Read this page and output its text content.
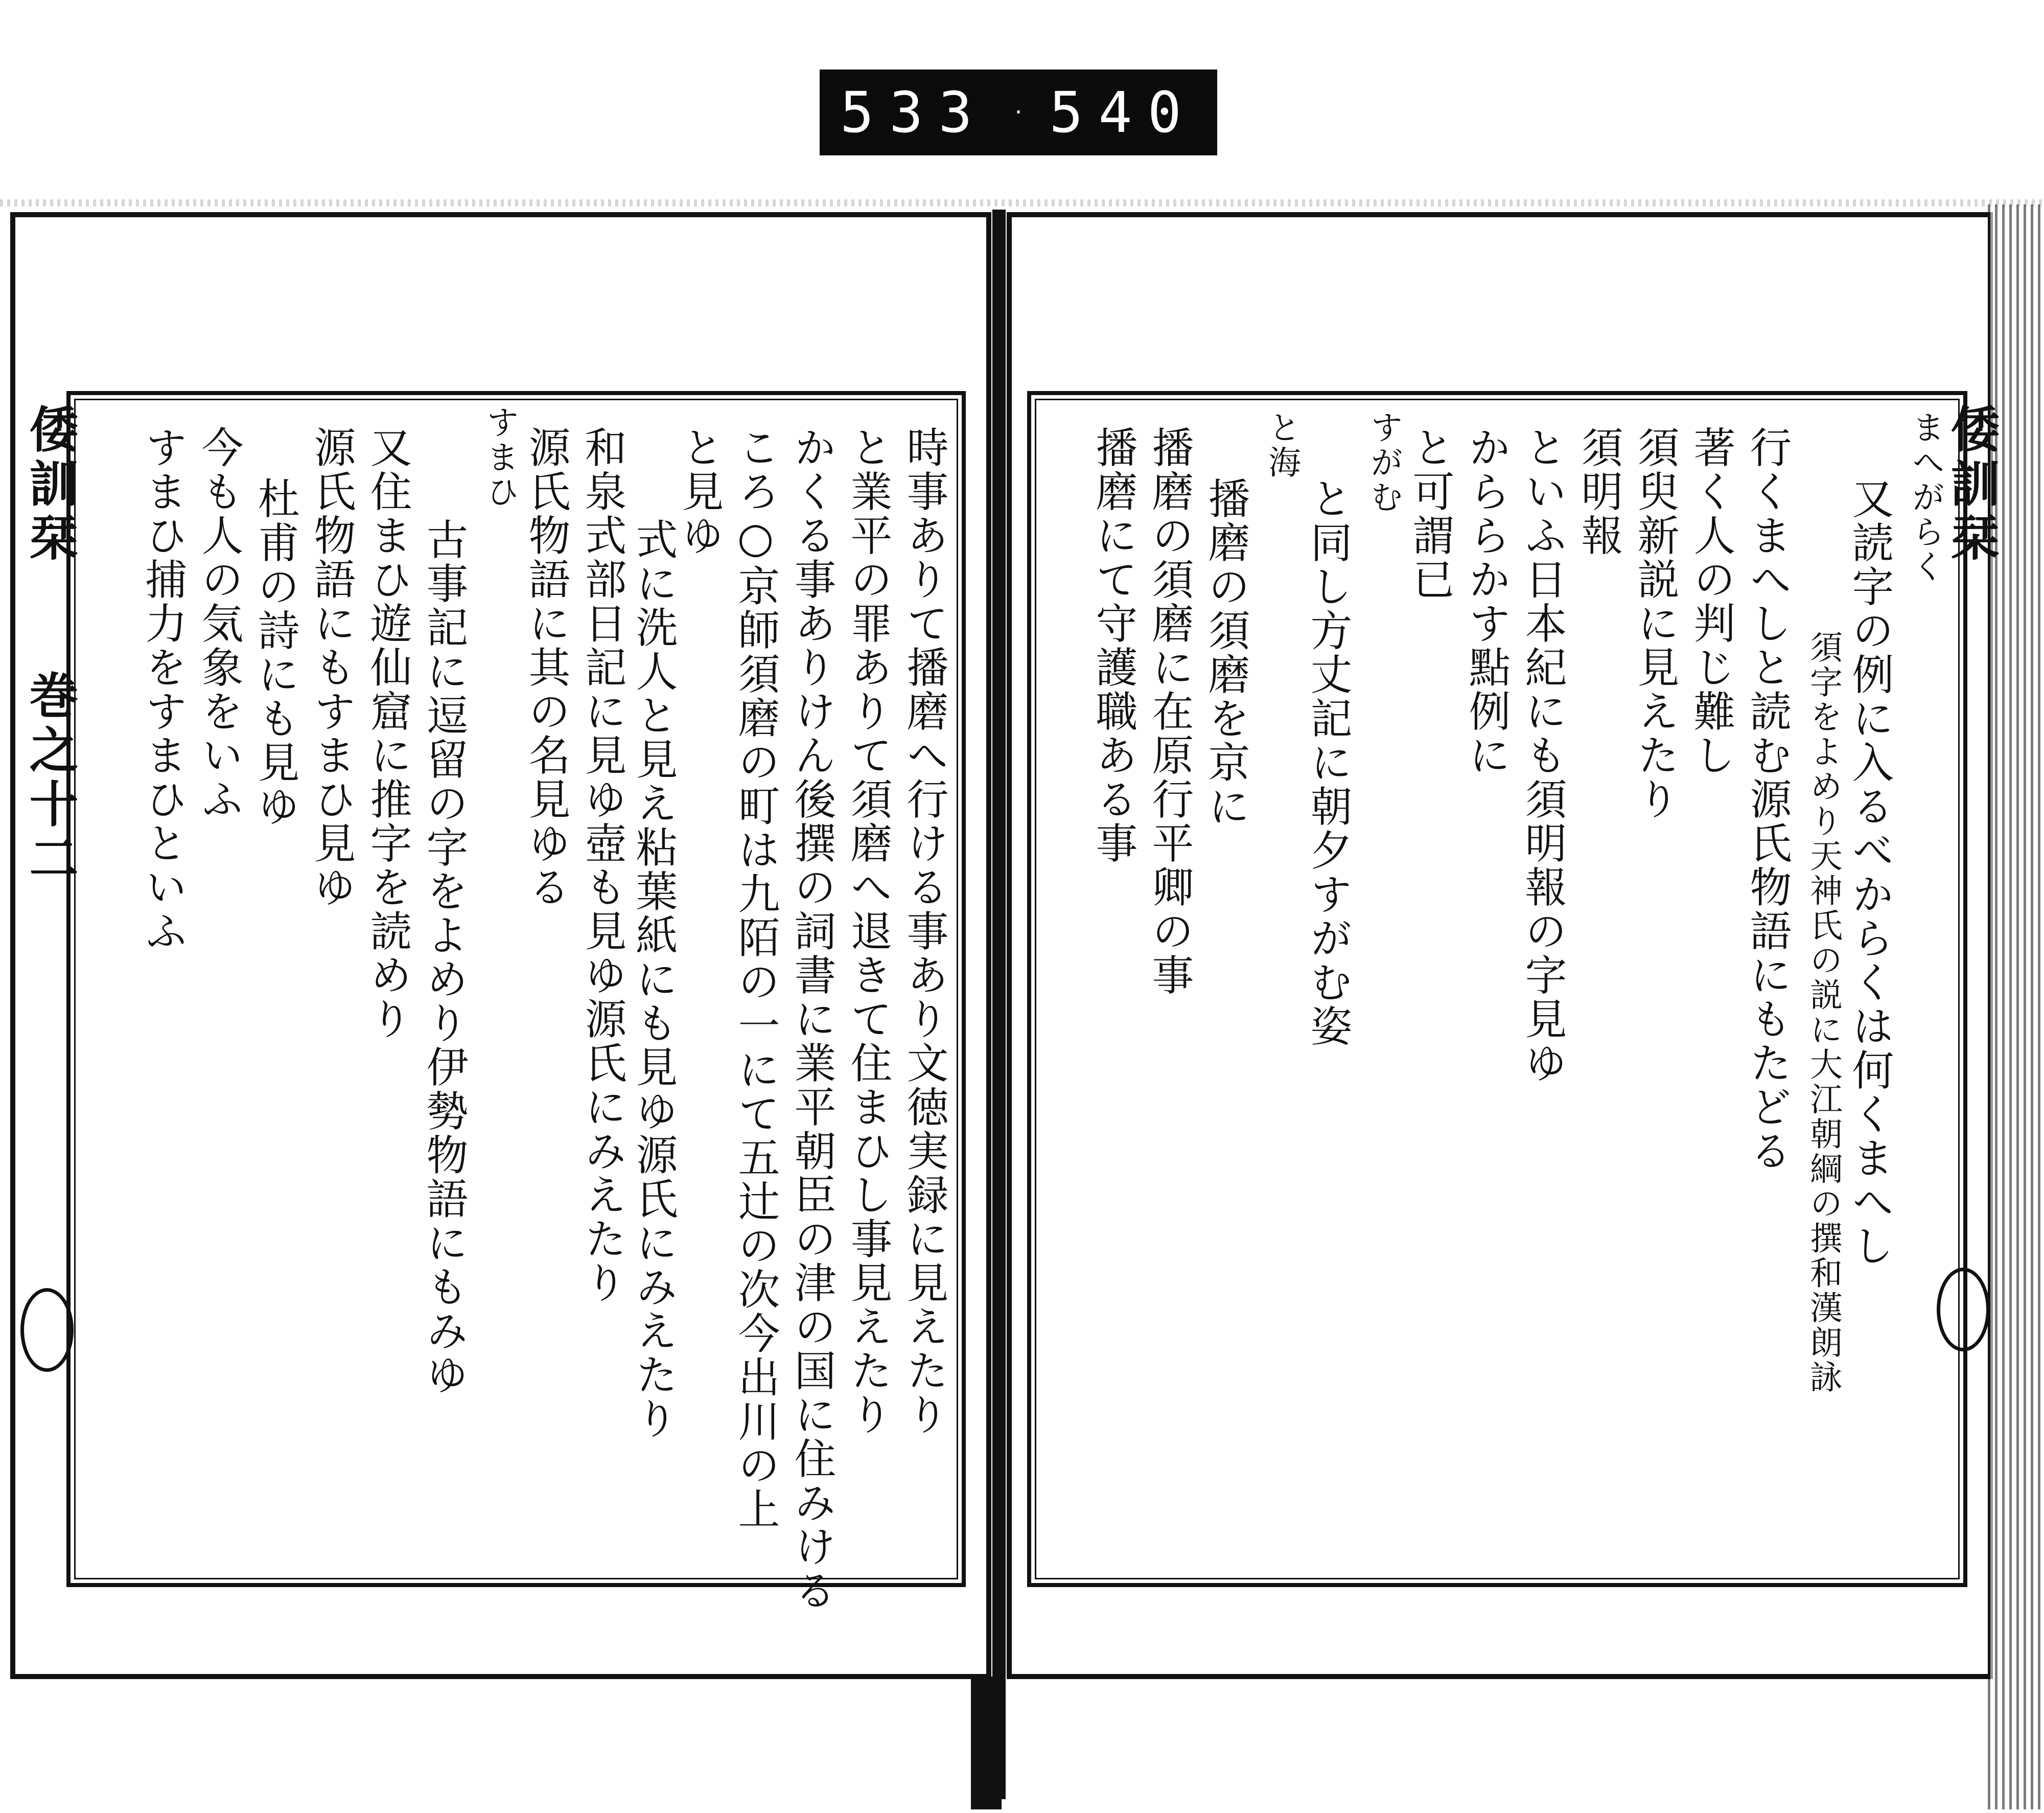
533 · 540
倭訓栞 巻之十二
倭訓栞
時事ありて播磨へ行ける事あり文徳実録に見えたり
と業平の罪ありて須磨へ退きて住まひし事見えたり
かくる事ありけん後撰の詞書に業平朝臣の津の国に住みける
ころ○京師須磨の町は九陌の一にて五辻の次今出川の上
と見ゆ
式に洗人と見え粘葉紙にも見ゆ源氏にみえたり
和泉式部日記に見ゆ壺も見ゆ源氏にみえたり
源氏物語に其の名見ゆる
すまひ
古事記に逗留の字をよめり伊勢物語にもみゆ
又住まひ遊仙窟に推字を読めり
源氏物語にもすまひ見ゆ
杜甫の詩にも見ゆ
今も人の気象をいふ
すまひ捕力をすまひといふ	まへがらく
又読字の例に入るべからくは何くまへし
須字をよめり天神氏の説に大江朝綱の撰和漢朗詠
行くまへしと読む源氏物語にもたどる
著く人の判じ難し
須臾新説に見えたり
須明報
といふ日本紀にも須明報の字見ゆ
かららかす點例に
と可謂已
すがむ
と同し方丈記に朝夕すがむ姿
と海
播磨の須磨を京に
播磨の須磨に在原行平卿の事
播磨にて守護職ある事
